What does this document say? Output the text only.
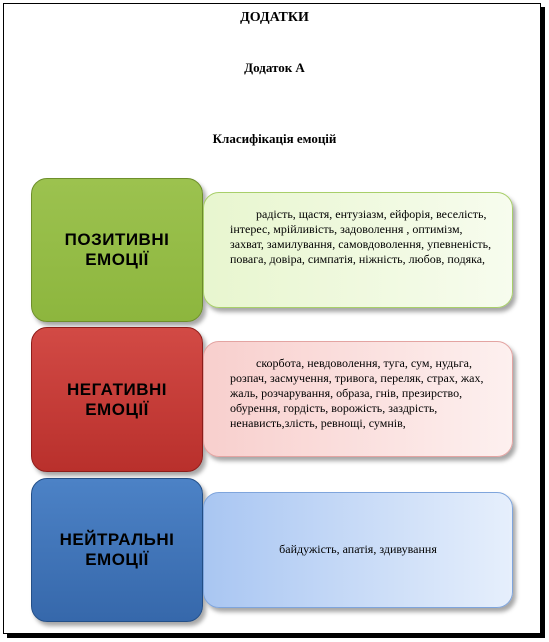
ДОДАТКИ
Додаток А
Класифікація емоцій
ПОЗИТИВНІ
ЕМОЦІЇ
радість, щастя, ентузіазм, ейфорія, веселість, інтерес, мрійливість, задоволення , оптимізм, захват, замилування, самовдоволення, упевненість, повага, довіра, симпатія, ніжність, любов, подяка,
НЕГАТИВНІ
ЕМОЦІЇ
скорбота, невдоволення, туга, сум, нудьга, розпач, засмучення, тривога, переляк, страх, жах, жаль, розчарування, образа, гнів, презирство, обурення, гордість, ворожість, заздрість, ненависть,злість, ревнощі, сумнів,
НЕЙТРАЛЬНІ
ЕМОЦІЇ
байдужість, апатія, здивування
